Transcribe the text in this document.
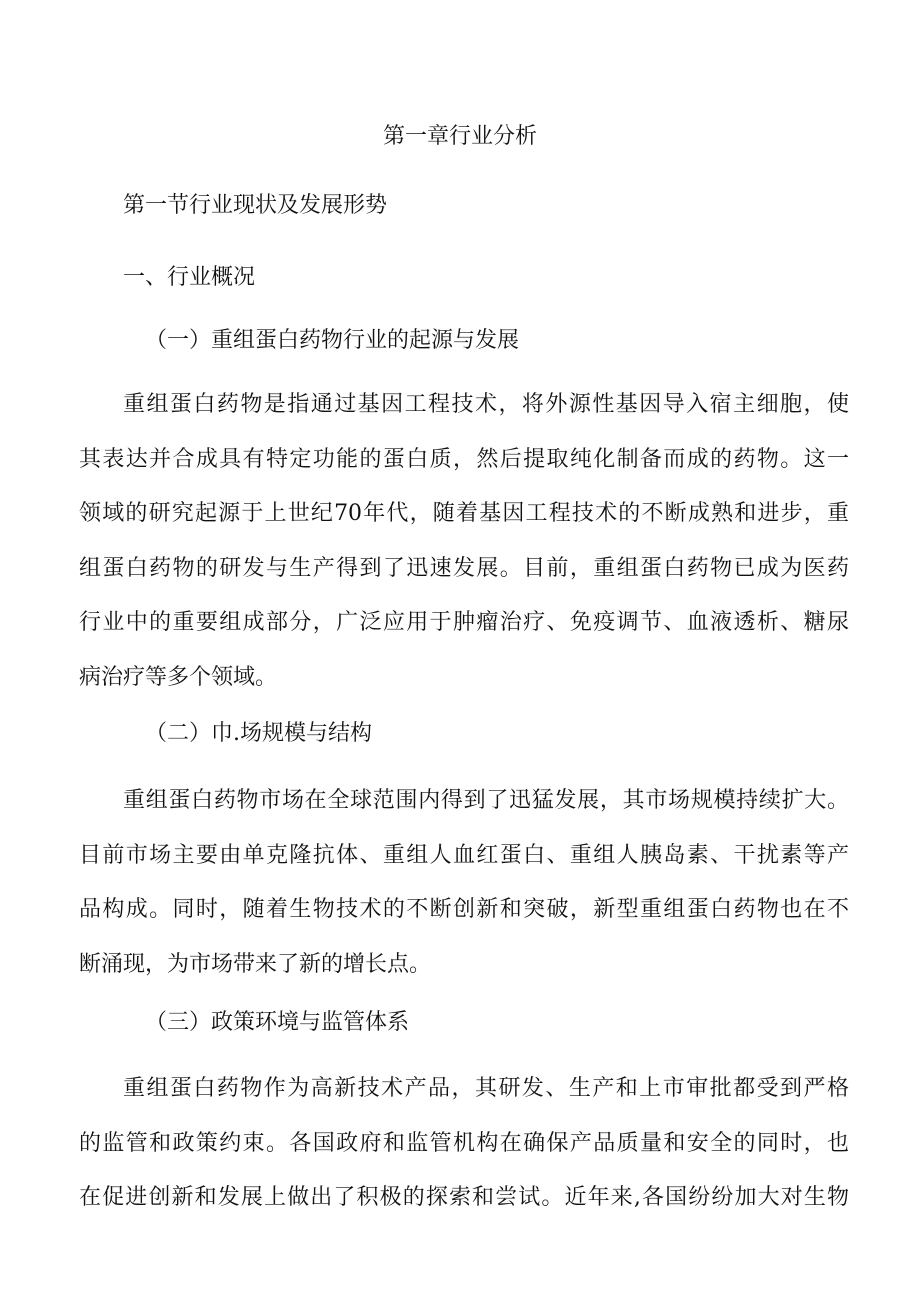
第一章行业分析
第一节行业现状及发展形势
一、行业概况
（一）重组蛋白药物行业的起源与发展
重组蛋白药物是指通过基因工程技术，将外源性基因导入宿主细胞，使
其表达并合成具有特定功能的蛋白质，然后提取纯化制备而成的药物。这一
领域的研究起源于上世纪70年代，随着基因工程技术的不断成熟和进步，重
组蛋白药物的研发与生产得到了迅速发展。目前，重组蛋白药物已成为医药
行业中的重要组成部分，广泛应用于肿瘤治疗、免疫调节、血液透析、糖尿
病治疗等多个领域。
（二）巾.场规模与结构
重组蛋白药物市场在全球范围内得到了迅猛发展，其市场规模持续扩大。
目前市场主要由单克隆抗体、重组人血红蛋白、重组人胰岛素、干扰素等产
品构成。同时，随着生物技术的不断创新和突破，新型重组蛋白药物也在不
断涌现，为市场带来了新的增长点。
（三）政策环境与监管体系
重组蛋白药物作为高新技术产品，其研发、生产和上市审批都受到严格
的监管和政策约束。各国政府和监管机构在确保产品质量和安全的同时，也
在促进创新和发展上做出了积极的探索和尝试。近年来,各国纷纷加大对生物
